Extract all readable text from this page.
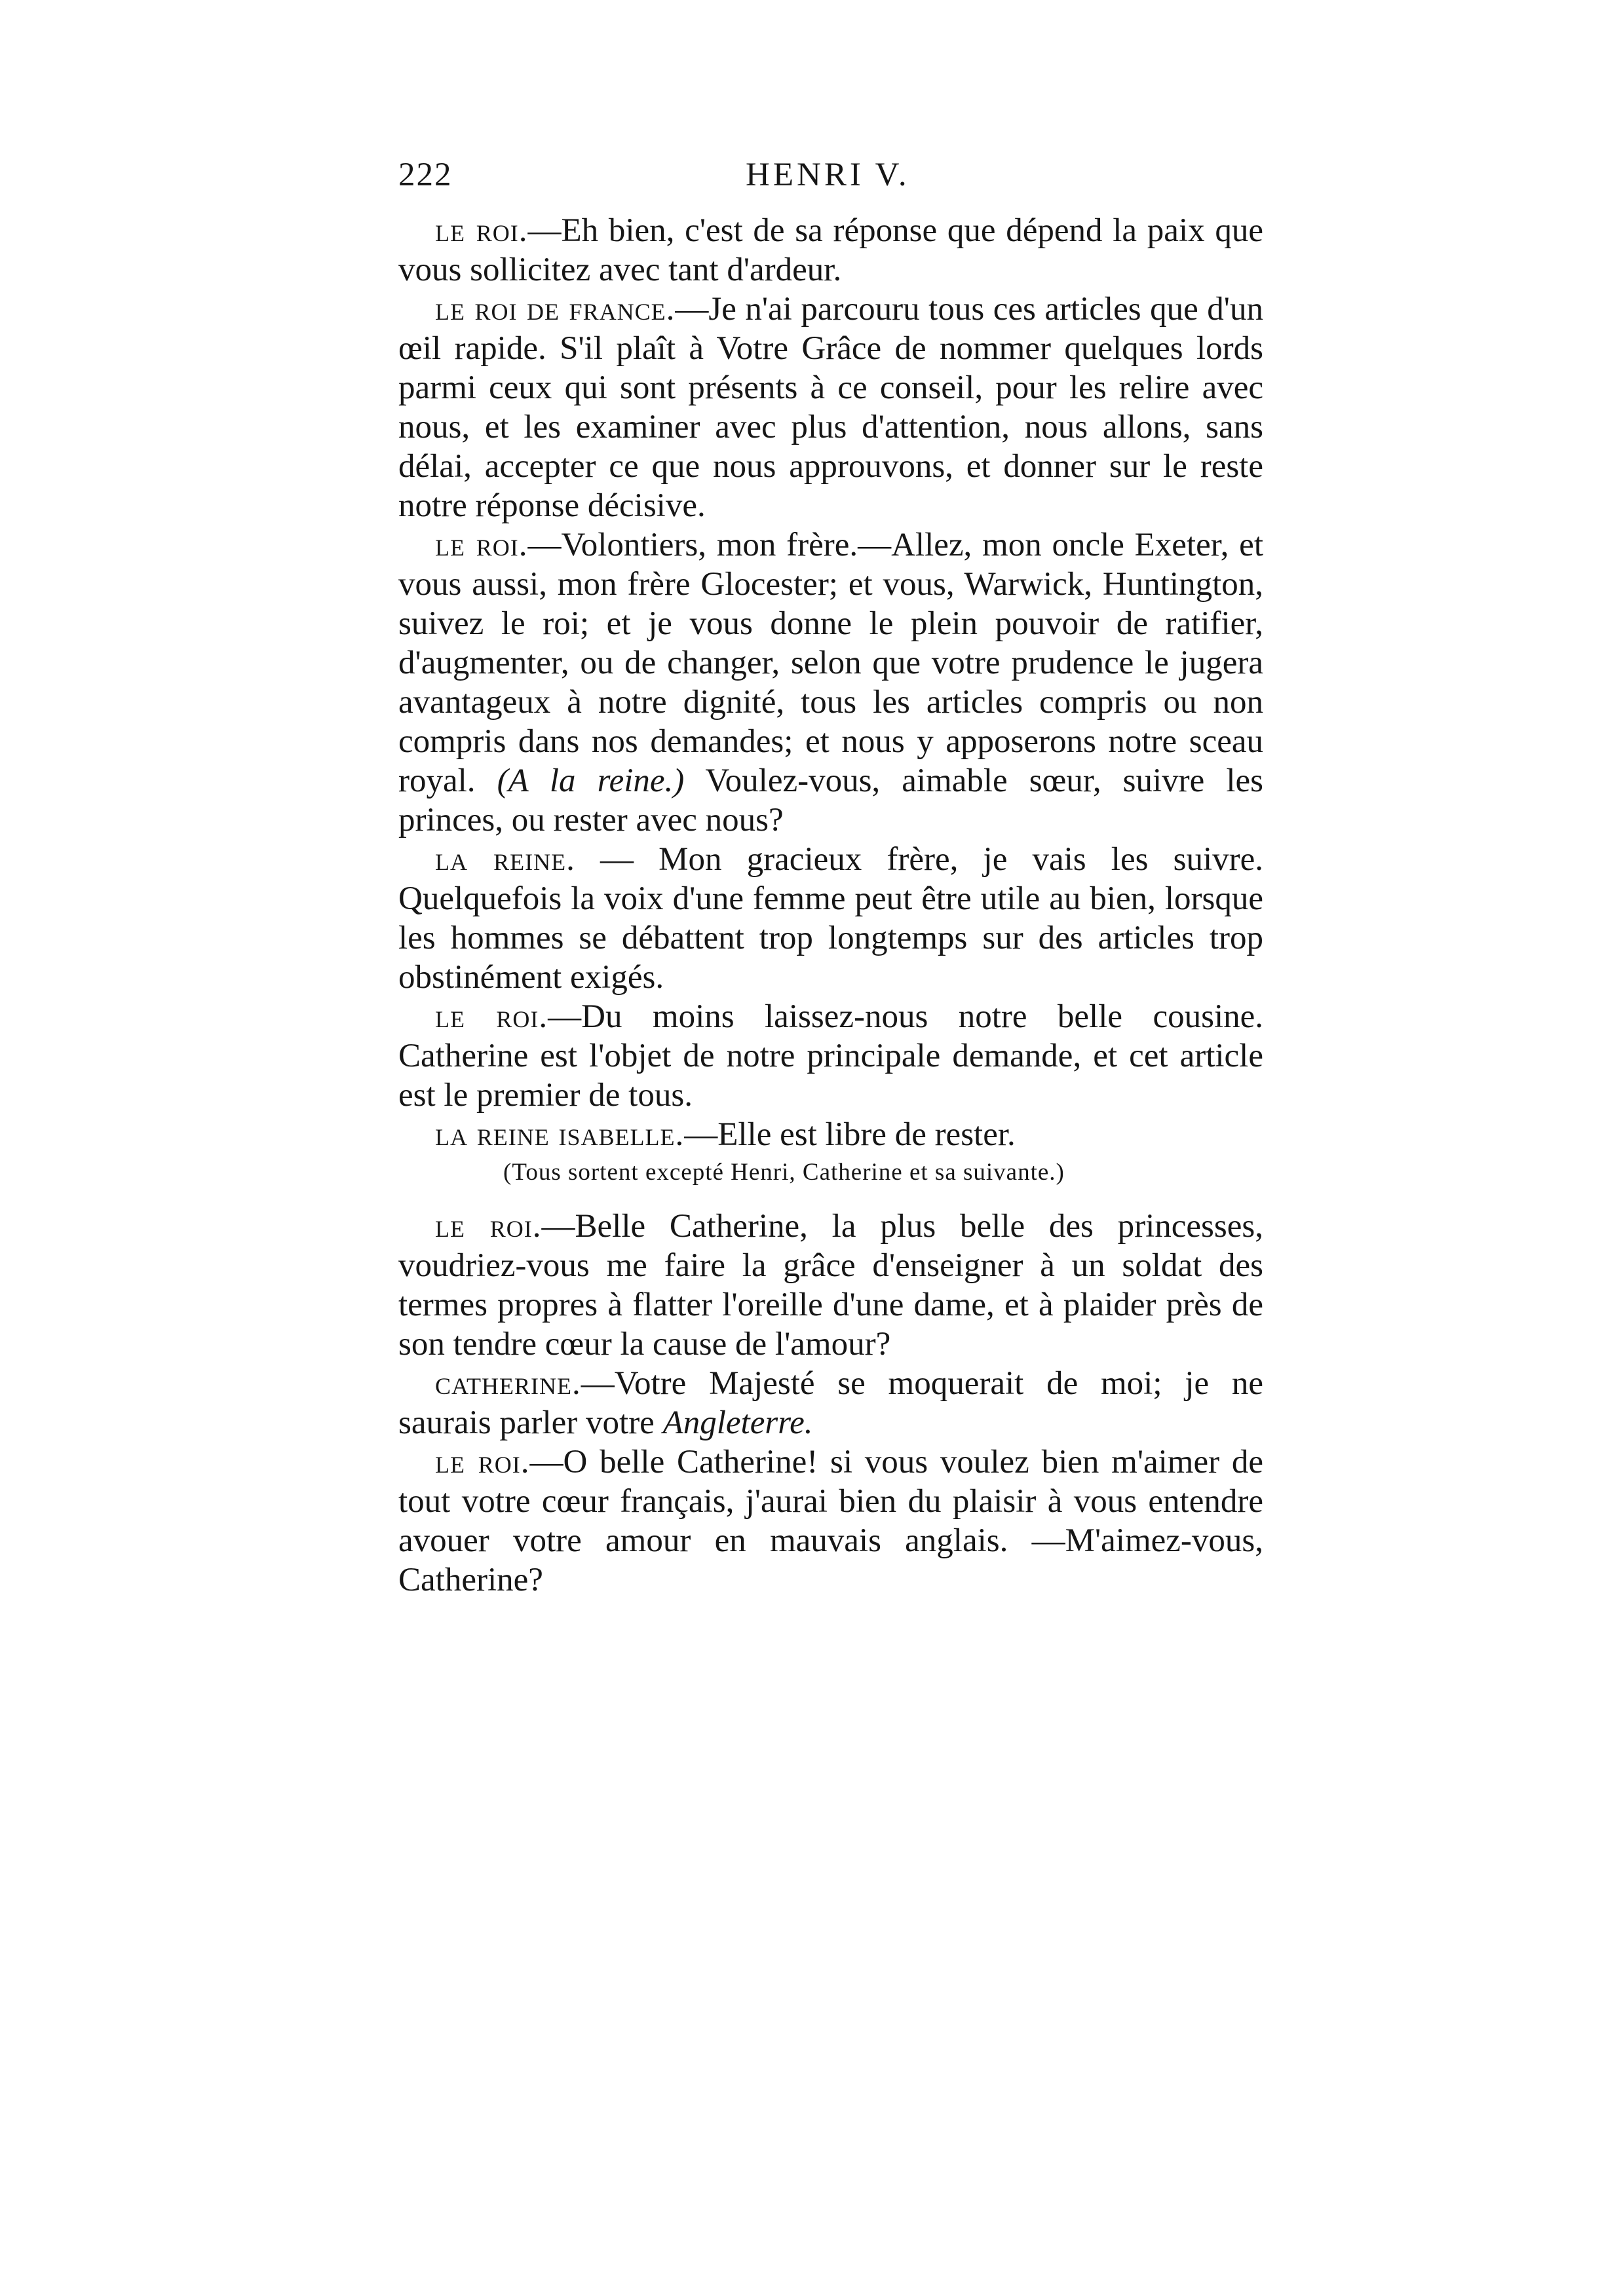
222	HENRI V.

le roi.—Eh bien, c'est de sa réponse que dépend la paix que vous sollicitez avec tant d'ardeur.

le roi de france.—Je n'ai parcouru tous ces articles que d'un œil rapide. S'il plaît à Votre Grâce de nommer quelques lords parmi ceux qui sont présents à ce conseil, pour les relire avec nous, et les examiner avec plus d'attention, nous allons, sans délai, accepter ce que nous approuvons, et donner sur le reste notre réponse décisive.

le roi.—Volontiers, mon frère.—Allez, mon oncle Exeter, et vous aussi, mon frère Glocester; et vous, Warwick, Huntington, suivez le roi; et je vous donne le plein pouvoir de ratifier, d'augmenter, ou de changer, selon que votre prudence le jugera avantageux à notre dignité, tous les articles compris ou non compris dans nos demandes; et nous y apposerons notre sceau royal. (A la reine.) Voulez-vous, aimable sœur, suivre les princes, ou rester avec nous?

la reine. — Mon gracieux frère, je vais les suivre. Quelquefois la voix d'une femme peut être utile au bien, lorsque les hommes se débattent trop longtemps sur des articles trop obstinément exigés.

le roi.—Du moins laissez-nous notre belle cousine. Catherine est l'objet de notre principale demande, et cet article est le premier de tous.

la reine isabelle.—Elle est libre de rester.

(Tous sortent excepté Henri, Catherine et sa suivante.)

le roi.—Belle Catherine, la plus belle des princesses, voudriez-vous me faire la grâce d'enseigner à un soldat des termes propres à flatter l'oreille d'une dame, et à plaider près de son tendre cœur la cause de l'amour?

catherine.—Votre Majesté se moquerait de moi; je ne saurais parler votre Angleterre.

le roi.—O belle Catherine! si vous voulez bien m'aimer de tout votre cœur français, j'aurai bien du plaisir à vous entendre avouer votre amour en mauvais anglais. —M'aimez-vous, Catherine?
